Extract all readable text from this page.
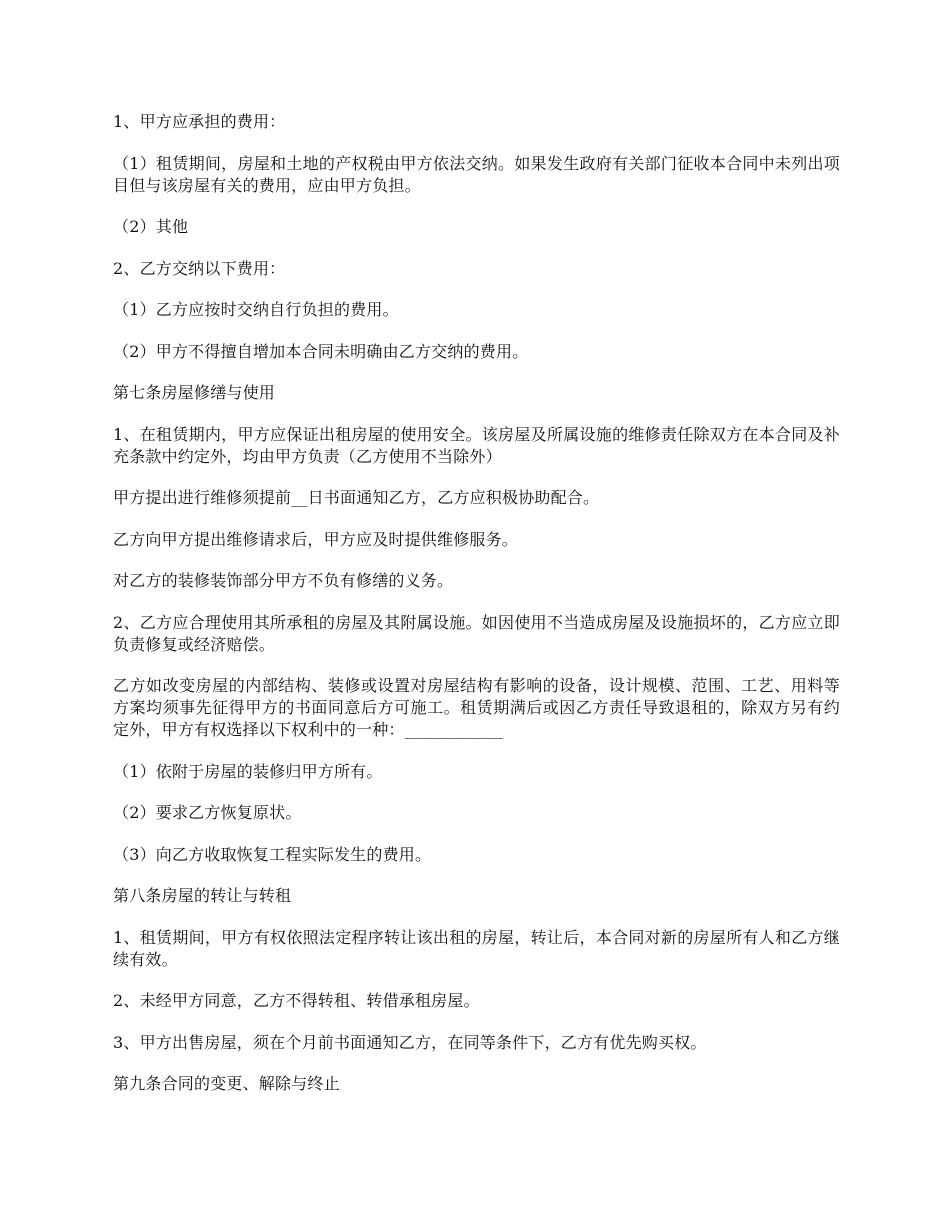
1、甲方应承担的费用：

（1）租赁期间，房屋和土地的产权税由甲方依法交纳。如果发生政府有关部门征收本合同中未列出项目但与该房屋有关的费用，应由甲方负担。

（2）其他

2、乙方交纳以下费用：

（1）乙方应按时交纳自行负担的费用。

（2）甲方不得擅自增加本合同未明确由乙方交纳的费用。

第七条房屋修缮与使用

1、在租赁期内，甲方应保证出租房屋的使用安全。该房屋及所属设施的维修责任除双方在本合同及补充条款中约定外，均由甲方负责（乙方使用不当除外）

甲方提出进行维修须提前__日书面通知乙方，乙方应积极协助配合。

乙方向甲方提出维修请求后，甲方应及时提供维修服务。

对乙方的装修装饰部分甲方不负有修缮的义务。

2、乙方应合理使用其所承租的房屋及其附属设施。如因使用不当造成房屋及设施损坏的，乙方应立即负责修复或经济赔偿。

乙方如改变房屋的内部结构、装修或设置对房屋结构有影响的设备，设计规模、范围、工艺、用料等方案均须事先征得甲方的书面同意后方可施工。租赁期满后或因乙方责任导致退租的，除双方另有约定外，甲方有权选择以下权利中的一种：____________

（1）依附于房屋的装修归甲方所有。

（2）要求乙方恢复原状。

（3）向乙方收取恢复工程实际发生的费用。

第八条房屋的转让与转租

1、租赁期间，甲方有权依照法定程序转让该出租的房屋，转让后，本合同对新的房屋所有人和乙方继续有效。

2、未经甲方同意，乙方不得转租、转借承租房屋。

3、甲方出售房屋，须在个月前书面通知乙方，在同等条件下，乙方有优先购买权。

第九条合同的变更、解除与终止
